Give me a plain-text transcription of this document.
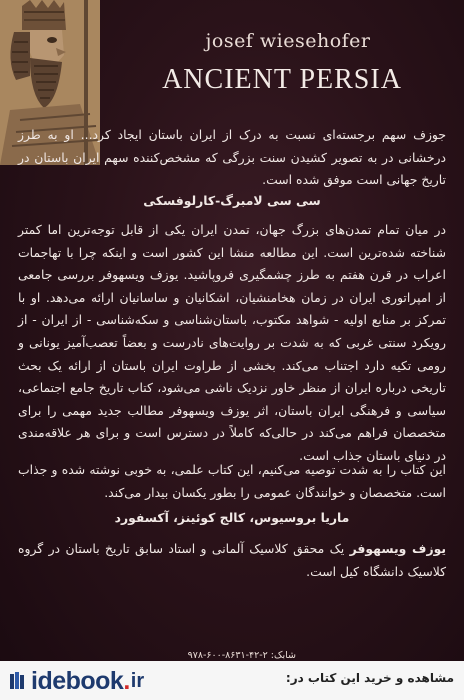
josef wiesehofer
ANCIENT PERSIA
جوزف سهم برجسته‌ای نسبت به درک از ایران باستان ایجاد کرد... او به طرز درخشانی در به تصویر کشیدن سنت بزرگی که مشخص‌کننده سهم ایران باستان در تاریخ جهانی است موفق شده است.
سی سی لامبرگ-کارلوفسکی
در میان تمام تمدن‌های بزرگ جهان، تمدن ایران یکی از قابل توجه‌ترین اما کمتر شناخته شده‌ترین است. این مطالعه منشا این کشور است و اینکه چرا با تهاجمات اعراب در قرن هفتم به طرز چشمگیری فروپاشید. یوزف ویسهوفر بررسی جامعی از امپراتوری ایران در زمان هخامنشیان، اشکانیان و ساسانیان ارائه می‌دهد. او با تمرکز بر منابع اولیه - شواهد مکتوب، باستان‌شناسی و سکه‌شناسی - از ایران - از رویکرد سنتی غربی که به شدت بر روایت‌های نادرست و بعضاً تعصب‌آمیز یونانی و رومی تکیه دارد اجتناب می‌کند. بخشی از طراوت ایران باستان از ارائه یک بحث تاریخی درباره ایران از منظر خاور نزدیک ناشی می‌شود، کتاب تاریخ جامع اجتماعی، سیاسی و فرهنگی ایران باستان، اثر یوزف ویسهوفر مطالب جدید مهمی را برای متخصصان فراهم می‌کند در حالی‌که کاملاً در دسترس است و برای هر علاقه‌مندی در دنیای باستان جذاب است.
این کتاب را به شدت توصیه می‌کنیم، این کتاب علمی، به خوبی نوشته شده و جذاب است. متخصصان و خوانندگان عمومی را بطور یکسان بیدار می‌کند.
ماریا بروسیوس، کالج کوئینز، آکسفورد
یوزف ویسهوفر یک محقق کلاسیک آلمانی و استاد سابق تاریخ باستان در گروه کلاسیک دانشگاه کیل است.
شابک: ۲-۴۲-۸۶۳۱-۶۰۰-۹۷۸
idebook . ir	مشاهده و خرید این کتاب در:
